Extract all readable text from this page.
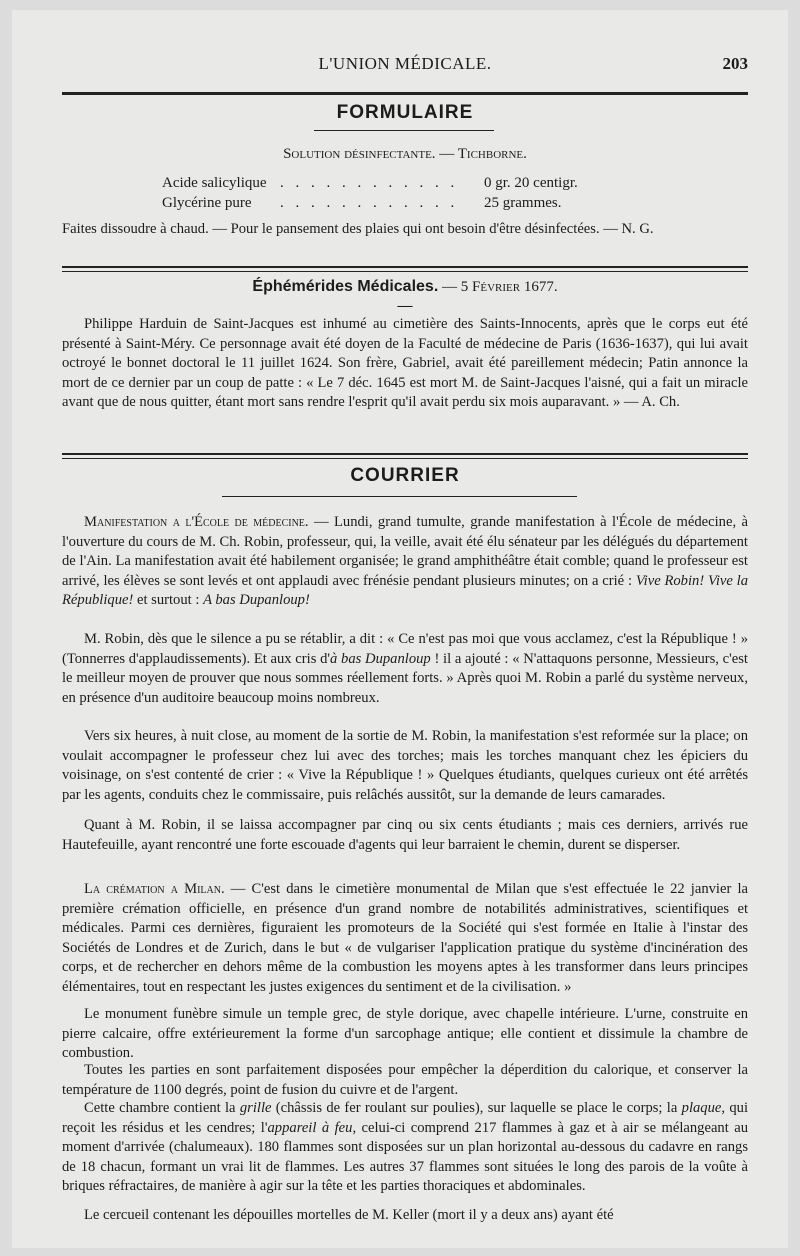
L'UNION MÉDICALE.	203
FORMULAIRE
Solution désinfectante. — Tichborne.
Acide salicylique . . . . . . . . . . . . 0 gr. 20 centigr.
Glycérine pure . . . . . . . . . . . . 25 grammes.

Faites dissoudre à chaud. — Pour le pansement des plaies qui ont besoin d'être désinfectées. — N. G.

Éphémérides Médicales. — 5 Février 1677.
—

Philippe Harduin de Saint-Jacques est inhumé au cimetière des Saints-Innocents, après que le corps eut été présenté à Saint-Méry. Ce personnage avait été doyen de la Faculté de médecine de Paris (1636-1637), qui lui avait octroyé le bonnet doctoral le 11 juillet 1624. Son frère, Gabriel, avait été pareillement médecin; Patin annonce la mort de ce dernier par un coup de patte : « Le 7 déc. 1645 est mort M. de Saint-Jacques l'aisné, qui a fait un miracle avant que de nous quitter, étant mort sans rendre l'esprit qu'il avait perdu six mois auparavant. » — A. Ch.

COURRIER

Manifestation a l'École de médecine. — Lundi, grand tumulte, grande manifestation à l'École de médecine, à l'ouverture du cours de M. Ch. Robin, professeur, qui, la veille, avait été élu sénateur par les délégués du département de l'Ain. La manifestation avait été habilement organisée; le grand amphithéâtre était comble; quand le professeur est arrivé, les élèves se sont levés et ont applaudi avec frénésie pendant plusieurs minutes; on a crié : Vive Robin! Vive la République! et surtout : A bas Dupanloup!

M. Robin, dès que le silence a pu se rétablir, a dit : « Ce n'est pas moi que vous acclamez, c'est la République ! » (Tonnerres d'applaudissements). Et aux cris d'à bas Dupanloup ! il a ajouté : « N'attaquons personne, Messieurs, c'est le meilleur moyen de prouver que nous sommes réellement forts. » Après quoi M. Robin a parlé du système nerveux, en présence d'un auditoire beaucoup moins nombreux.

Vers six heures, à nuit close, au moment de la sortie de M. Robin, la manifestation s'est reformée sur la place; on voulait accompagner le professeur chez lui avec des torches; mais les torches manquant chez les épiciers du voisinage, on s'est contenté de crier : « Vive la République ! » Quelques étudiants, quelques curieux ont été arrêtés par les agents, conduits chez le commissaire, puis relâchés aussitôt, sur la demande de leurs camarades.

Quant à M. Robin, il se laissa accompagner par cinq ou six cents étudiants ; mais ces derniers, arrivés rue Hautefeuille, ayant rencontré une forte escouade d'agents qui leur barraient le chemin, durent se disperser.

La crémation a Milan. — C'est dans le cimetière monumental de Milan que s'est effectuée le 22 janvier la première crémation officielle, en présence d'un grand nombre de notabilités administratives, scientifiques et médicales. Parmi ces dernières, figuraient les promoteurs de la Société qui s'est formée en Italie à l'instar des Sociétés de Londres et de Zurich, dans le but « de vulgariser l'application pratique du système d'incinération des corps, et de rechercher en dehors même de la combustion les moyens aptes à les transformer dans leurs principes élémentaires, tout en respectant les justes exigences du sentiment et de la civilisation. »

Le monument funèbre simule un temple grec, de style dorique, avec chapelle intérieure. L'urne, construite en pierre calcaire, offre extérieurement la forme d'un sarcophage antique; elle contient et dissimule la chambre de combustion.

Toutes les parties en sont parfaitement disposées pour empêcher la déperdition du calorique, et conserver la température de 1100 degrés, point de fusion du cuivre et de l'argent.

Cette chambre contient la grille (châssis de fer roulant sur poulies), sur laquelle se place le corps; la plaque, qui reçoit les résidus et les cendres; l'appareil à feu, celui-ci comprend 217 flammes à gaz et à air se mélangeant au moment d'arrivée (chalumeaux). 180 flammes sont disposées sur un plan horizontal au-dessous du cadavre en rangs de 18 chacun, formant un vrai lit de flammes. Les autres 37 flammes sont situées le long des parois de la voûte à briques réfractaires, de manière à agir sur la tête et les parties thoraciques et abdominales.

Le cercueil contenant les dépouilles mortelles de M. Keller (mort il y a deux ans) ayant été
